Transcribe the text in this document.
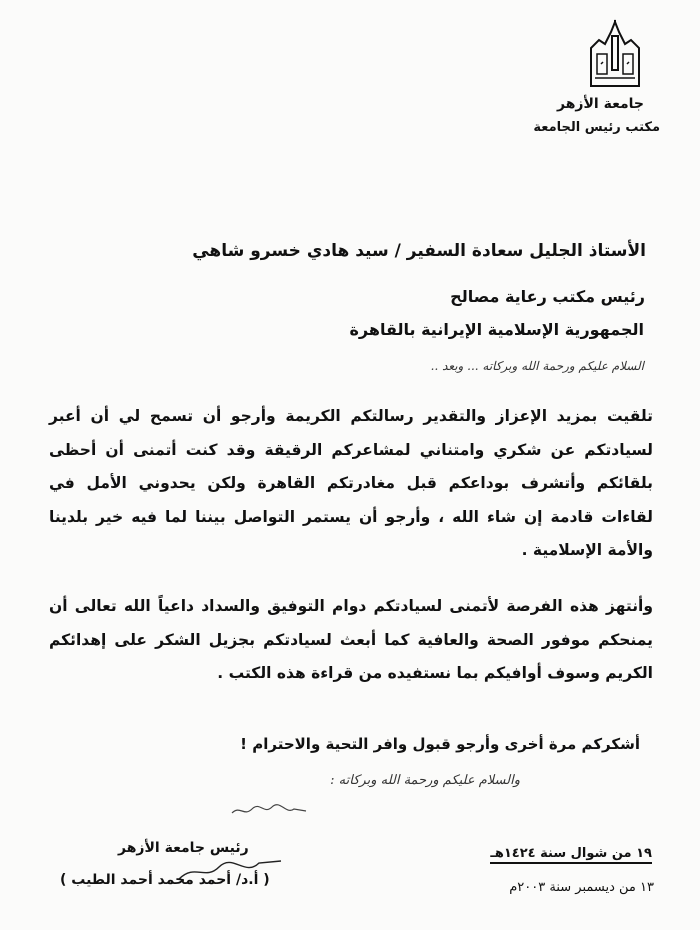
جامعة الأزهر
مكتب رئيس الجامعة
الأستاذ الجليل سعادة السفير / سيد هادي خسرو شاهي
رئيس مكتب رعاية مصالح
الجمهورية الإسلامية الإيرانية بالقاهرة
السلام عليكم ورحمة الله وبركاته ... وبعد ..
تلقيت بمزيد الإعزاز والتقدير رسالتكم الكريمة وأرجو أن تسمح لي أن أعبر لسيادتكم عن شكري وامتناني لمشاعركم الرقيقة وقد كنت أتمنى أن أحظى بلقائكم وأتشرف بوداعكم قبل مغادرتكم القاهرة ولكن يحدوني الأمل في لقاءات قادمة إن شاء الله ، وأرجو أن يستمر التواصل بيننا لما فيه خير بلدينا والأمة الإسلامية .
وأنتهز هذه الفرصة لأتمنى لسيادتكم دوام التوفيق والسداد داعياً الله تعالى أن يمنحكم موفور الصحة والعافية كما أبعث لسيادتكم بجزيل الشكر على إهدائكم الكريم وسوف أوافيكم بما نستفيده من قراءة هذه الكتب .
أشكركم مرة أخرى وأرجو قبول وافر التحية والاحترام !
والسلام عليكم ورحمة الله وبركاته :
رئيس جامعة الأزهر
( أ.د/ أحمد محمد أحمد الطيب )
١٩ من شوال سنة ١٤٢٤هـ
١٣ من ديسمبر سنة ٢٠٠٣م
